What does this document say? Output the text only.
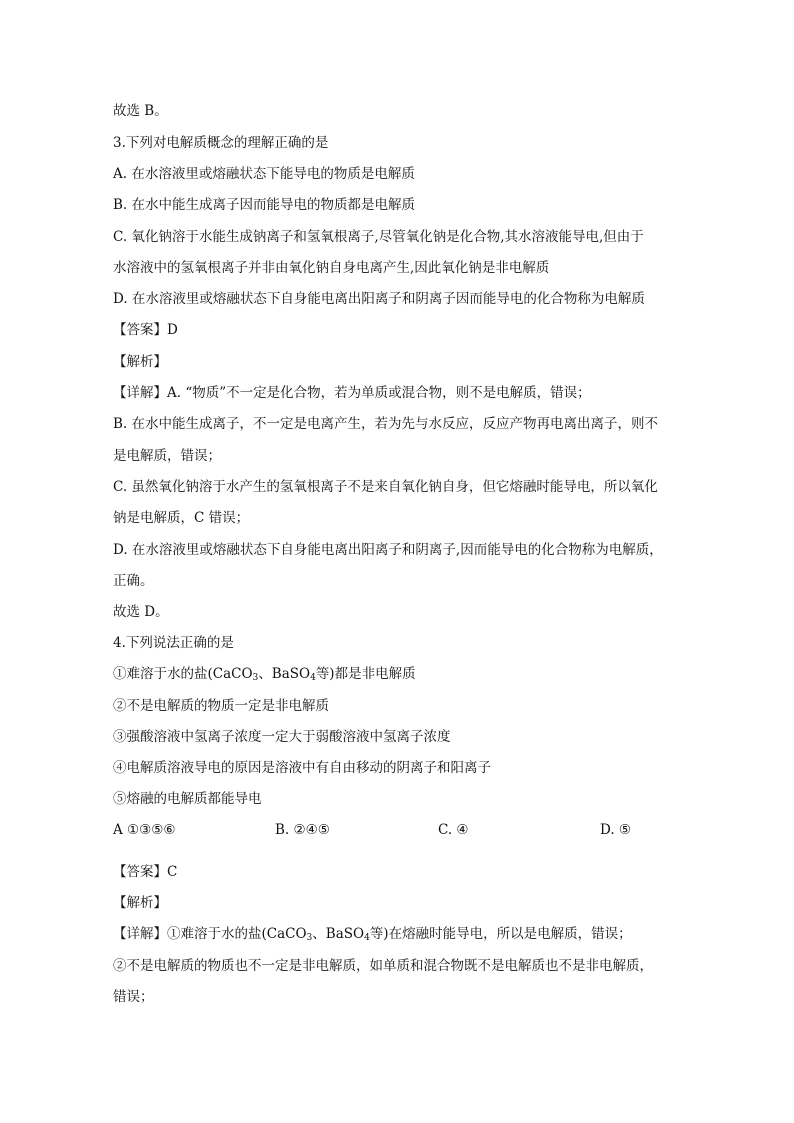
故选 B。
3.下列对电解质概念的理解正确的是
A. 在水溶液里或熔融状态下能导电的物质是电解质
B. 在水中能生成离子因而能导电的物质都是电解质
C. 氧化钠溶于水能生成钠离子和氢氧根离子,尽管氧化钠是化合物,其水溶液能导电,但由于
水溶液中的氢氧根离子并非由氧化钠自身电离产生,因此氧化钠是非电解质
D. 在水溶液里或熔融状态下自身能电离出阳离子和阴离子因而能导电的化合物称为电解质
【答案】D
【解析】
【详解】A. “物质”不一定是化合物，若为单质或混合物，则不是电解质，错误；
B. 在水中能生成离子，不一定是电离产生，若为先与水反应，反应产物再电离出离子，则不
是电解质，错误；
C. 虽然氧化钠溶于水产生的氢氧根离子不是来自氧化钠自身，但它熔融时能导电，所以氧化
钠是电解质，C 错误；
D. 在水溶液里或熔融状态下自身能电离出阳离子和阴离子,因而能导电的化合物称为电解质，
正确。
故选 D。
4.下列说法正确的是
①难溶于水的盐(CaCO$_3$、BaSO$_4$等)都是非电解质
②不是电解质的物质一定是非电解质
③强酸溶液中氢离子浓度一定大于弱酸溶液中氢离子浓度
④电解质溶液导电的原因是溶液中有自由移动的阴离子和阳离子
⑤熔融的电解质都能导电
A ①③⑤⑥	B. ②④⑤	C. ④	D. ⑤
【答案】C
【解析】
【详解】①难溶于水的盐(CaCO$_3$、BaSO$_4$等)在熔融时能导电，所以是电解质，错误；
②不是电解质的物质也不一定是非电解质，如单质和混合物既不是电解质也不是非电解质，
错误；
